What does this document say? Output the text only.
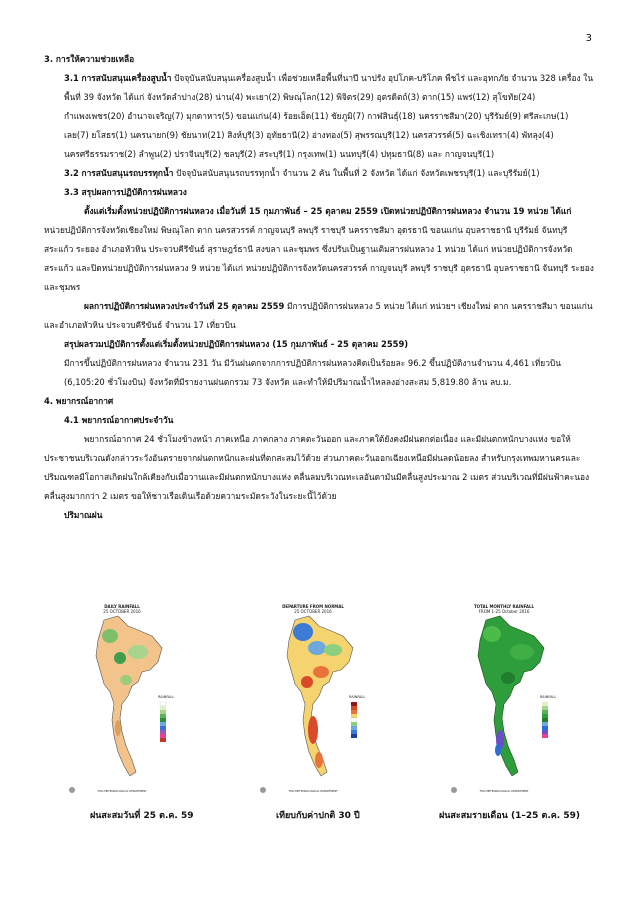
3

3. การให้ความช่วยเหลือ

3.1 การสนับสนุนเครื่องสูบน้ำ ปัจจุบันสนับสนุนเครื่องสูบน้ำ เพื่อช่วยเหลือพื้นที่นาปี นาปรัง อุปโภค-บริโภค พืชไร่ และอุทกภัย จำนวน 328 เครื่อง ในพื้นที่ 39 จังหวัด ได้แก่ จังหวัดลำปาง(28) น่าน(4) พะเยา(2) พิษณุโลก(12) พิจิตร(29) อุตรดิตถ์(3) ตาก(15) แพร่(12) สุโขทัย(24) กำแพงเพชร(20) อำนาจเจริญ(7) มุกดาหาร(5) ขอนแก่น(4) ร้อยเอ็ด(11) ชัยภูมิ(7) กาฬสินธุ์(18) นครราชสีมา(20) บุรีรัมย์(9) ศรีสะเกษ(1) เลย(7) ยโสธร(1) นครนายก(9) ชัยนาท(21) สิงห์บุรี(3) อุทัยธานี(2) อ่างทอง(5) สุพรรณบุรี(12) นครสวรรค์(5) ฉะเชิงเทรา(4) พัทลุง(4) นครศรีธรรมราช(2) ลำพูน(2) ปราจีนบุรี(2) ชลบุรี(2) สระบุรี(1) กรุงเทพ(1) นนทบุรี(4) ปทุมธานี(8) และ กาญจนบุรี(1)

3.2 การสนับสนุนรถบรรทุกน้ำ ปัจจุบันสนับสนุนรถบรรทุกน้ำ จำนวน 2 คัน ในพื้นที่ 2 จังหวัด ได้แก่ จังหวัดเพชรบุรี(1) และบุรีรัมย์(1)

3.3 สรุปผลการปฏิบัติการฝนหลวง

ตั้งแต่เริ่มตั้งหน่วยปฏิบัติการฝนหลวง เมื่อวันที่ 15 กุมภาพันธ์ – 25 ตุลาคม 2559 เปิดหน่วยปฏิบัติการฝนหลวง จำนวน 19 หน่วย ได้แก่ หน่วยปฏิบัติการจังหวัดเชียงใหม่ พิษณุโลก ตาก นครสวรรค์ กาญจนบุรี ลพบุรี ราชบุรี นครราชสีมา อุดรธานี ขอนแก่น อุบลราชธานี บุรีรัมย์ จันทบุรี สระแก้ว ระยอง อำเภอหัวหิน ประจวบคีรีขันธ์ สุราษฎร์ธานี สงขลา และชุมพร ซึ่งปรับเป็นฐานเติมสารฝนหลวง 1 หน่วย ได้แก่ หน่วยปฏิบัติการจังหวัด สระแก้ว และปิดหน่วยปฏิบัติการฝนหลวง 9 หน่วย ได้แก่ หน่วยปฏิบัติการจังหวัดนครสวรรค์ กาญจนบุรี ลพบุรี ราชบุรี อุดรธานี อุบลราชธานี จันทบุรี ระยอง และชุมพร

ผลการปฏิบัติการฝนหลวงประจำวันที่ 25 ตุลาคม 2559 มีการปฏิบัติการฝนหลวง 5 หน่วย ได้แก่ หน่วยฯ เชียงใหม่ ตาก นครราชสีมา ขอนแก่น และอำเภอหัวหิน ประจวบคีรีขันธ์ จำนวน 17 เที่ยวบิน

สรุปผลรวมปฏิบัติการตั้งแต่เริ่มตั้งหน่วยปฏิบัติการฝนหลวง (15 กุมภาพันธ์ - 25 ตุลาคม 2559)

มีการขึ้นปฏิบัติการฝนหลวง จำนวน 231 วัน มีวันฝนตกจากการปฏิบัติการฝนหลวงคิดเป็นร้อยละ 96.2 ขึ้นปฏิบัติงานจำนวน 4,461 เที่ยวบิน (6,105:20 ชั่วโมงบิน) จังหวัดที่มีรายงานฝนตกรวม 73 จังหวัด และทำให้มีปริมาณน้ำไหลลงอ่างสะสม 5,819.80 ล้าน ลบ.ม.

4. พยากรณ์อากาศ

4.1 พยากรณ์อากาศประจำวัน

พยากรณ์อากาศ 24 ชั่วโมงข้างหน้า ภาคเหนือ ภาคกลาง ภาคตะวันออก และภาคใต้ยังคงมีฝนตกต่อเนื่อง และมีฝนตกหนักบางแห่ง ขอให้ประชาชนบริเวณดังกล่าวระวังอันตรายจากฝนตกหนักและฝนที่ตกสะสมไว้ด้วย ส่วนภาคตะวันออกเฉียงเหนือมีฝนลดน้อยลง สำหรับกรุงเทพมหานครและปริมณฑลมีโอกาสเกิดฝนใกล้เคียงกับเมื่อวานและมีฝนตกหนักบางแห่ง คลื่นลมบริเวณทะเลอันดามันมีคลื่นสูงประมาณ 2 เมตร ส่วนบริเวณที่มีฝนฟ้าคะนองคลื่นสูงมากกว่า 2 เมตร ขอให้ชาวเรือเดินเรือด้วยความระมัดระวังในระยะนี้ไว้ด้วย

ปริมาณฝน

DAILY RAINFALL
25 OCTOBER 2016
RAINFALL
THAI METEOROLOGICAL DEPARTMENT
DEPARTURE FROM NORMAL
25 OCTOBER 2016
RAINFALL
THAI METEOROLOGICAL DEPARTMENT
TOTAL MONTHLY RAINFALL
FROM 1-25 October 2016
RAINFALL
THAI METEOROLOGICAL DEPARTMENT
ฝนสะสมวันที่ 25 ต.ค. 59	เทียบกับค่าปกติ 30 ปี	ฝนสะสมรายเดือน (1–25 ต.ค. 59)
